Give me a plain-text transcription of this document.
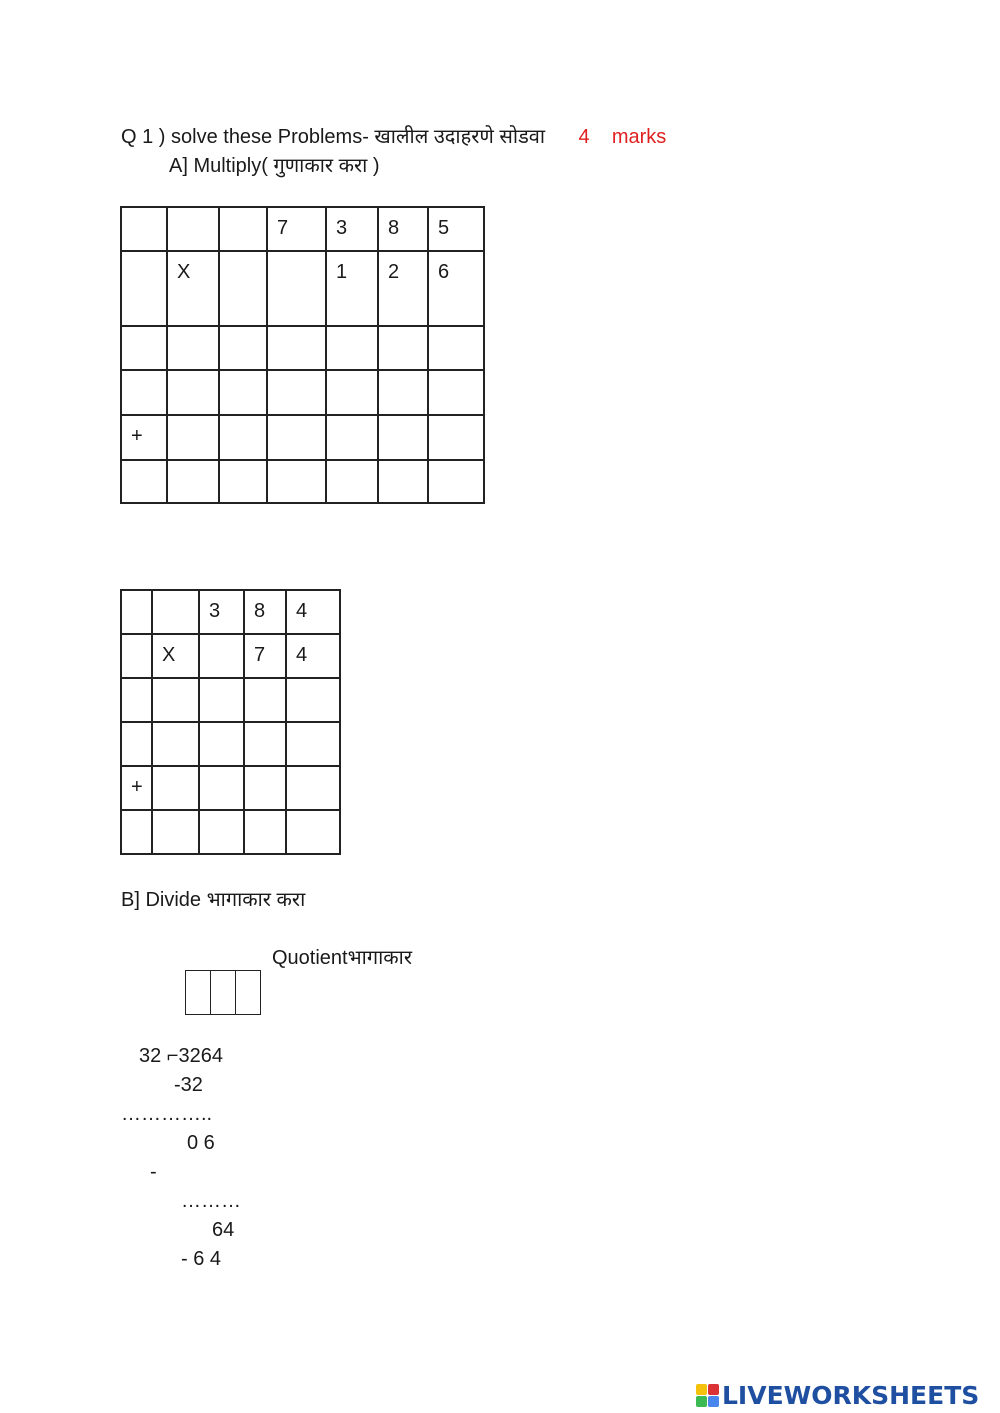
Q 1 ) solve these Problems- खालील उदाहरणे सोडवा 4 marks
A] Multiply( गुणाकार करा )

			7	3	8	5

	X			1	2	6

+						

		3	8	4

	X		7	4

+				

B] Divide भागाकार करा
Quotientभागाकार

32 ⌐3264
-32
…………..
0 6
-
………
64
- 6 4
LIVEWORKSHEETS
